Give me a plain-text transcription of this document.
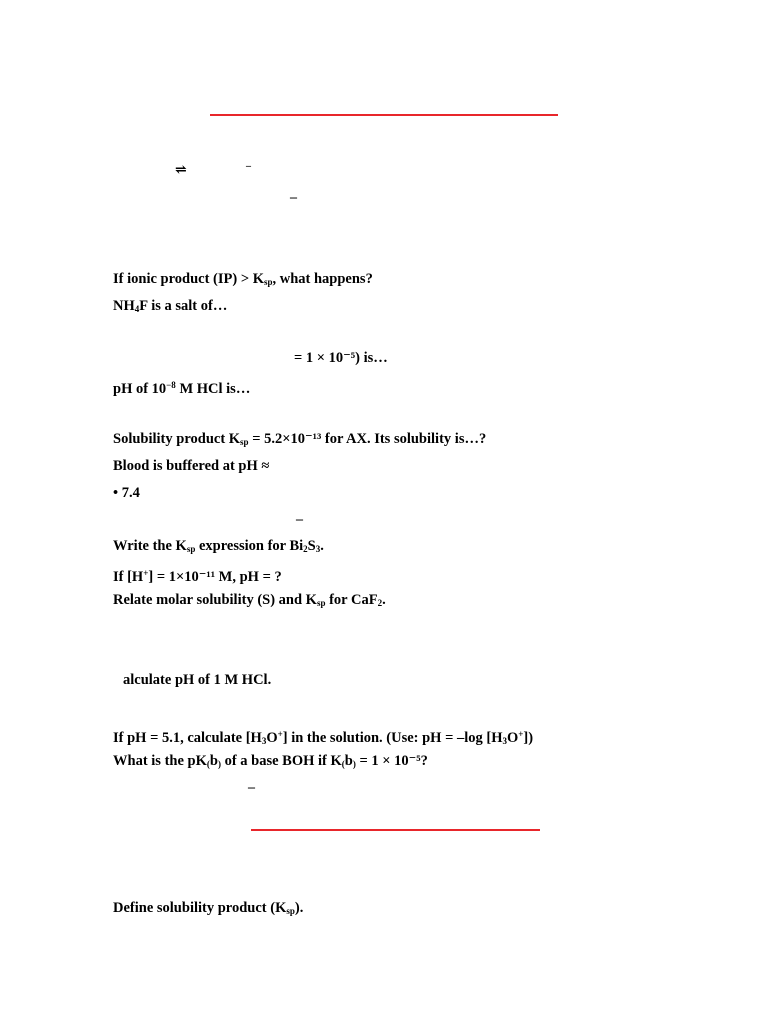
⇌	–
–
–
–
If ionic product $(IP) > K_{sp}$, what happens?
$NH_4F$ is a salt of…
= 1 × 10⁻⁵) is…
pH of $10^{-8}$ M HCl is…
Solubility product $K_{sp} = 5.2\times 10^{-13}$ for AX. Its solubility is…?
Blood is buffered at pH ≈
• 7.4
Write the $K_{sp}$ expression for $Bi_2S_3$.
If [H+] = 1×10⁻¹¹ M, pH = ?
Relate molar solubility (S) and $K_{sp}$ for CaF$_2$.
alculate pH of 1 M HCl.
If pH = 5.1, calculate $[H_3O^+]$ in the solution. (Use: pH = –log $[H_3O^+]$)
What is the $pK_(b_)$ of a base BOH if $K_(b_) = 1 \times 10^{-5}$?
Define solubility product $(K_{sp})$.
